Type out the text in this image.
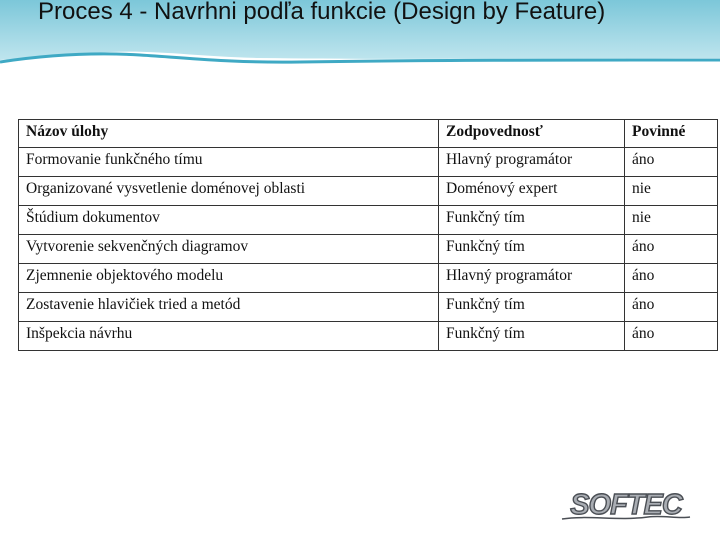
Proces 4 - Navrhni podľa funkcie (Design by Feature)
Názov úlohy	Zodpovednosť	Povinné
Formovanie funkčného tímu	Hlavný programátor	áno
Organizované vysvetlenie doménovej oblasti	Doménový expert	nie
Štúdium dokumentov	Funkčný tím	nie
Vytvorenie sekvenčných diagramov	Funkčný tím	áno
Zjemnenie objektového modelu	Hlavný programátor	áno
Zostavenie hlavičiek tried a metód	Funkčný tím	áno
Inšpekcia návrhu	Funkčný tím	áno
SOFTEC
